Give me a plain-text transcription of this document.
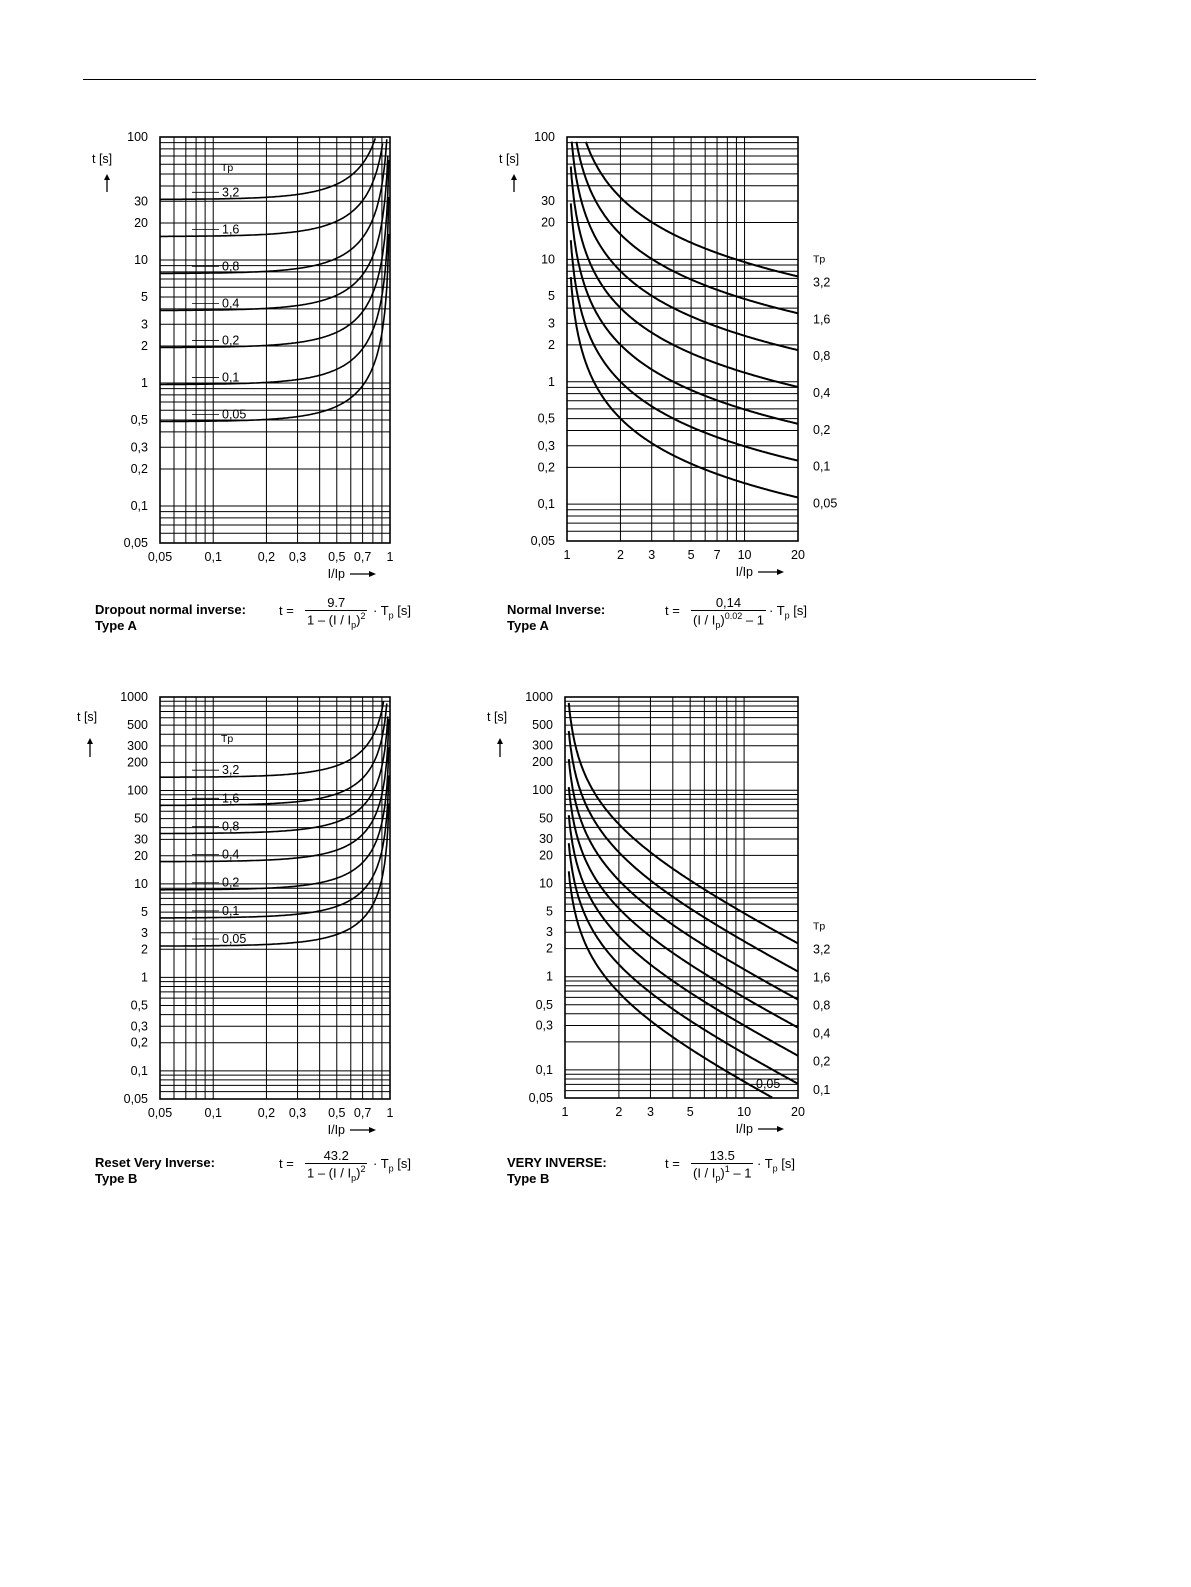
100
30
20
10
5
3
2
1
0,5
0,3
0,2
0,1
0,05
0,05	0,1	0,2 0,3 0,5 0,7 1
t [s]
I/Ip
3,2
1,6
0,8
0,4
0,2
0,1
0,05
Tp
100
30
20
10
5
3
2
1
0,5
0,3
0,2
0,1
0,05
1	2 3	5 7 10	20
t [s]
I/Ip
Tp
3,2
1,6
0,8
0,4
0,2
0,1
0,05
1000
500
300
200
100
50
30
20
10
5
3
2
1
0,5
0,3
0,2
0,1
0,05
0,05	0,1	0,2 0,3 0,5 0,7 1
t [s]
I/Ip
3,2
1,6
0,8
0,4
0,2
0,1
0,05
Tp
1000
500
300
200
100
50
30
20
10
5
3
2
1
0,5
0,3
0,1
0,05
1	2 3	5	10	20
t [s]
I/Ip
0,05
Tp
3,2
1,6
0,8
0,4
0,2
0,1
Dropout normal inverse:
Type A
Normal Inverse:
Type A
Reset Very Inverse:
Type B
VERY INVERSE:
Type B
$t = \frac{9.7}{1 - (I / I_p)^2} \cdot T_p$ [s]	$t = \frac{0,14}{(I / I_p)^{0.02} - 1} \cdot T_p$ [s]
$t = \frac{43.2}{1 - (I / I_p)^2} \cdot T_p$ [s]	$t = \frac{13.5}{(I / I_p)^1 - 1} \cdot T_p$ [s]
